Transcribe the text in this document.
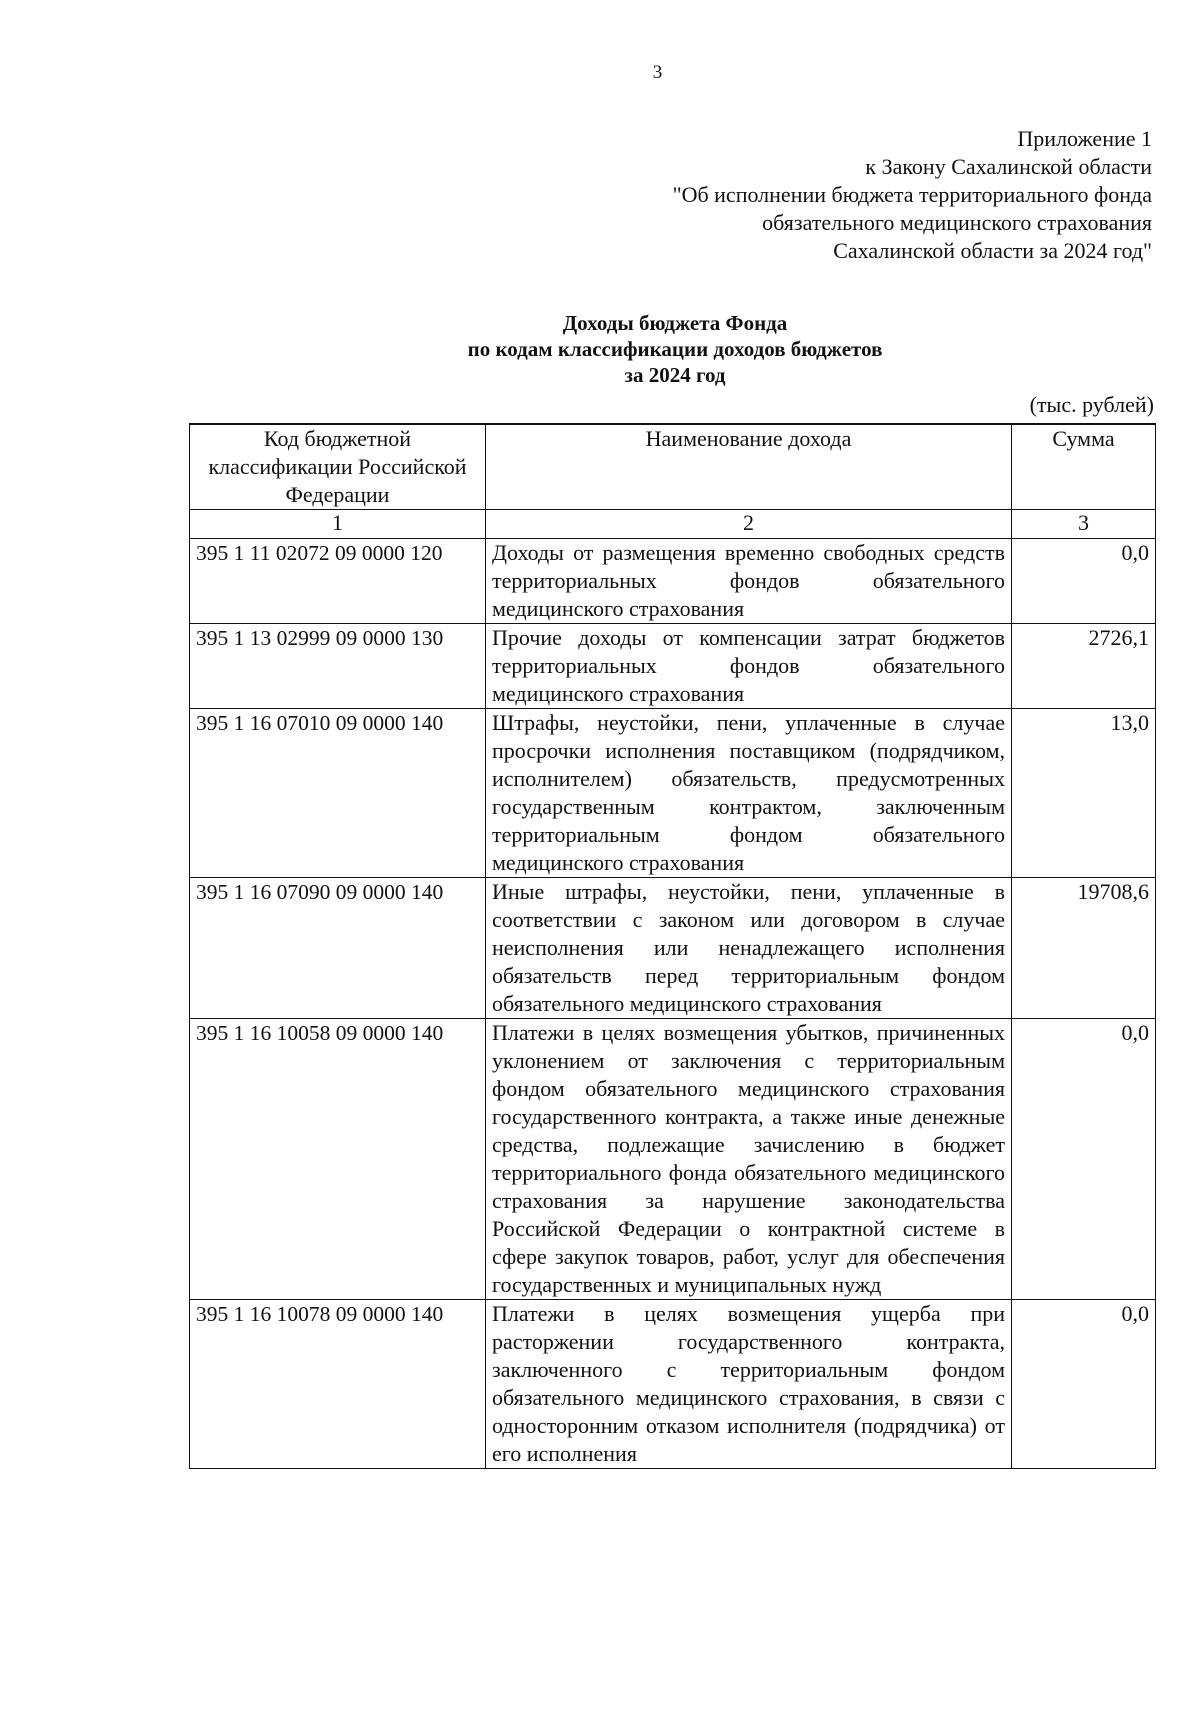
3
Приложение 1
к Закону Сахалинской области
"Об исполнении бюджета территориального фонда
обязательного медицинского страхования
Сахалинской области за 2024 год"
Доходы бюджета Фонда
по кодам классификации доходов бюджетов
за 2024 год
(тыс. рублей)
Код бюджетной классификации Российской Федерации	Наименование дохода	Сумма
1	2	3
395 1 11 02072 09 0000 120	Доходы от размещения временно свободных средств территориальных фондов обязательного медицинского страхования	0,0
395 1 13 02999 09 0000 130	Прочие доходы от компенсации затрат бюджетов территориальных фондов обязательного медицинского страхования	2726,1
395 1 16 07010 09 0000 140	Штрафы, неустойки, пени, уплаченные в случае просрочки исполнения поставщиком (подрядчиком, исполнителем) обязательств, предусмотренных государственным контрактом, заключенным территориальным фондом обязательного медицинского страхования	13,0
395 1 16 07090 09 0000 140	Иные штрафы, неустойки, пени, уплаченные в соответствии с законом или договором в случае неисполнения или ненадлежащего исполнения обязательств перед территориальным фондом обязательного медицинского страхования	19708,6
395 1 16 10058 09 0000 140	Платежи в целях возмещения убытков, причиненных уклонением от заключения с территориальным фондом обязательного медицинского страхования государственного контракта, а также иные денежные средства, подлежащие зачислению в бюджет территориального фонда обязательного медицинского страхования за нарушение законодательства Российской Федерации о контрактной системе в сфере закупок товаров, работ, услуг для обеспечения государственных и муниципальных нужд	0,0
395 1 16 10078 09 0000 140	Платежи в целях возмещения ущерба при расторжении государственного контракта, заключенного с территориальным фондом обязательного медицинского страхования, в связи с односторонним отказом исполнителя (подрядчика) от его исполнения	0,0
